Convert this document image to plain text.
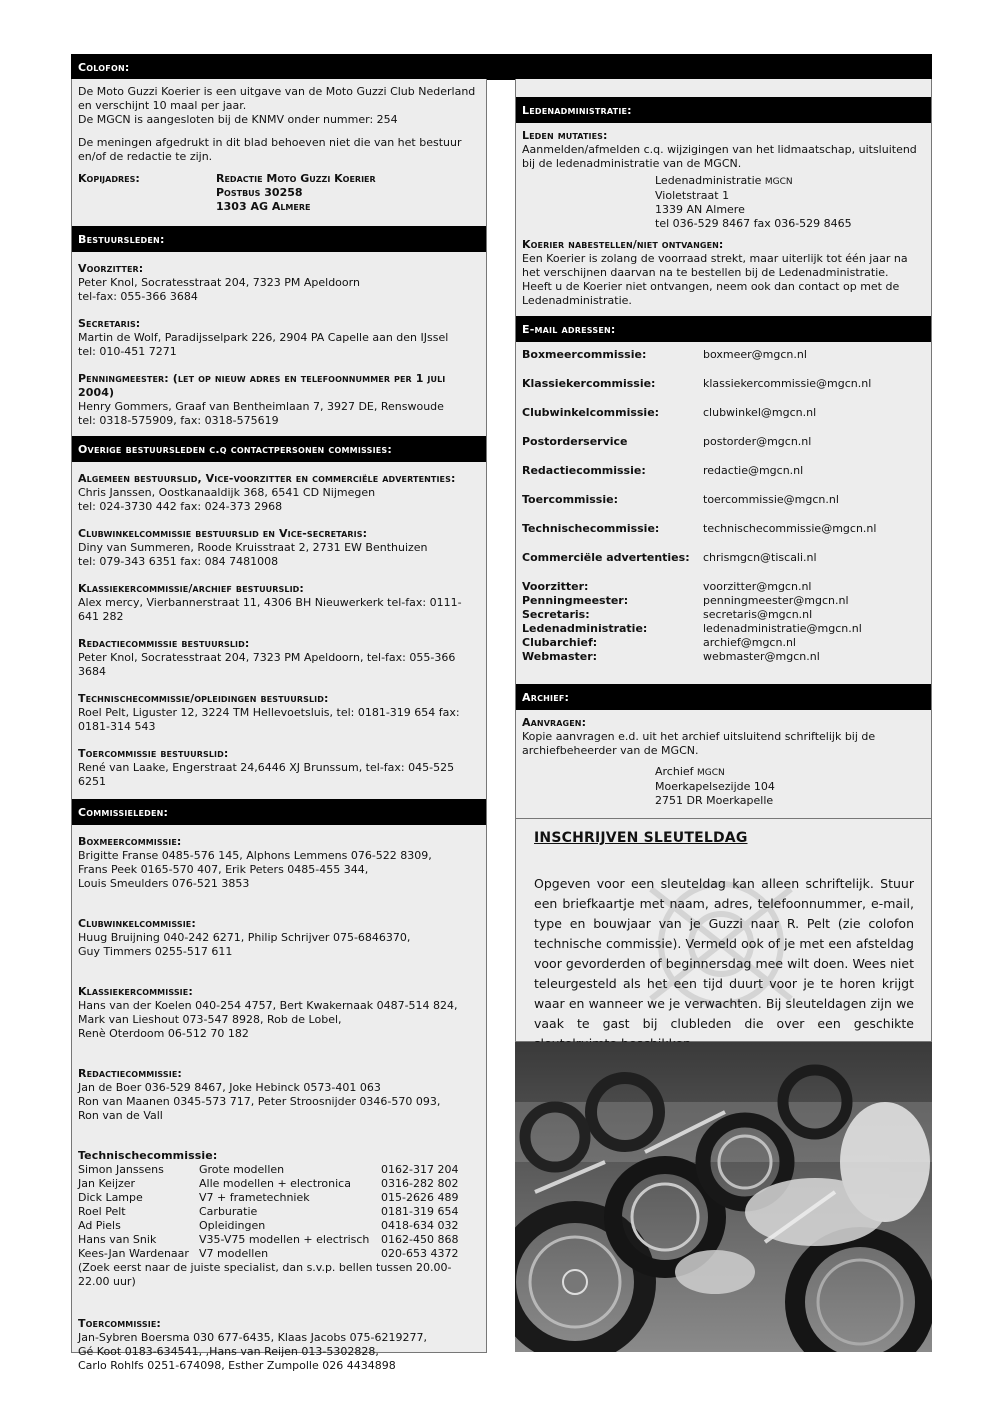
Colofon:

De Moto Guzzi Koerier is een uitgave van de Moto Guzzi Club Nederland en verschijnt 10 maal per jaar.

De MGCN is aangesloten bij de KNMV onder nummer: 254

De meningen afgedrukt in dit blad behoeven niet die van het bestuur en/of de redactie te zijn.

Kopijadres:	Redactie Moto Guzzi Koerier
Postbus 30258
1303 AG Almere
Bestuursleden:

Voorzitter:

Peter Knol, Socratesstraat 204, 7323 PM Apeldoorn

tel-fax: 055-366 3684

Secretaris:

Martin de Wolf, Paradijsselpark 226, 2904 PA Capelle aan den IJssel

tel: 010-451 7271

Penningmeester: (let op nieuw adres en telefoonnummer per 1 juli 2004)

Henry Gommers, Graaf van Bentheimlaan 7, 3927 DE, Renswoude

tel: 0318-575909, fax: 0318-575619

Overige bestuursleden c.q contactpersonen commissies:

Algemeen bestuurslid, Vice-voorzitter en commerciële advertenties:

Chris Janssen, Oostkanaaldijk 368, 6541 CD Nijmegen

tel: 024-3730 442 fax: 024-373 2968

Clubwinkelcommissie bestuurslid en Vice-secretaris:

Diny van Summeren, Roode Kruisstraat 2, 2731 EW Benthuizen

tel: 079-343 6351 fax: 084 7481008

Klassiekercommissie/archief bestuurslid:

Alex mercy, Vierbannerstraat 11, 4306 BH Nieuwerkerk tel-fax: 0111-641 282

Redactiecommissie bestuurslid:

Peter Knol, Socratesstraat 204, 7323 PM Apeldoorn, tel-fax: 055-366 3684

Technischecommissie/opleidingen bestuurslid:

Roel Pelt, Liguster 12, 3224 TM Hellevoetsluis, tel: 0181-319 654 fax: 0181-314 543

Toercommissie bestuurslid:

René van Laake, Engerstraat 24,6446 XJ Brunssum, tel-fax: 045-525 6251

Commissieleden:

Boxmeercommissie:

Brigitte Franse 0485-576 145, Alphons Lemmens 076-522 8309,

Frans Peek 0165-570 407, Erik Peters 0485-455 344,

Louis Smeulders 076-521 3853

Clubwinkelcommissie:

Huug Bruijning 040-242 6271, Philip Schrijver 075-6846370,

Guy Timmers 0255-517 611

Klassiekercommissie:

Hans van der Koelen 040-254 4757, Bert Kwakernaak 0487-514 824,

Mark van Lieshout 073-547 8928, Rob de Lobel,

Renè Oterdoom 06-512 70 182

Redactiecommissie:

Jan de Boer 036-529 8467, Joke Hebinck 0573-401 063

Ron van Maanen 0345-573 717, Peter Stroosnijder 0346-570 093,

Ron van de Vall

Technischecommissie:

Simon Janssens	Grote modellen	0162-317 204
Jan Keijzer	Alle modellen + electronica	0316-282 802
Dick Lampe	V7 + frametechniek	015-2626 489
Roel Pelt	Carburatie	0181-319 654
Ad Piels	Opleidingen	0418-634 032
Hans van Snik	V35-V75 modellen + electrisch	0162-450 868
Kees-Jan Wardenaar V7 modellen	020-653 4372

(Zoek eerst naar de juiste specialist, dan s.v.p. bellen tussen 20.00-22.00 uur)

Toercommissie:

Jan-Sybren Boersma 030 677-6435, Klaas Jacobs 075-6219277,

Gé Koot 0183-634541, ,Hans van Reijen 013-5302828,

Carlo Rohlfs 0251-674098, Esther Zumpolle 026 4434898

Ledenadministratie:

Leden mutaties:

Aanmelden/afmelden c.q. wijzigingen van het lidmaatschap, uitsluitend bij de ledenadministratie van de MGCN.

Ledenadministratie MGCN
Violetstraat 1
1339 AN Almere
tel 036-529 8467 fax 036-529 8465

Koerier nabestellen/niet ontvangen:

Een Koerier is zolang de voorraad strekt, maar uiterlijk tot één jaar na het verschijnen daarvan na te bestellen bij de Ledenadministratie.

Heeft u de Koerier niet ontvangen, neem ook dan contact op met de Ledenadministratie.

E-mail adressen:
Boxmeercommissie:	boxmeer@mgcn.nl
Klassiekercommissie:	klassiekercommissie@mgcn.nl
Clubwinkelcommissie:	clubwinkel@mgcn.nl
Postorderservice	postorder@mgcn.nl
Redactiecommissie:	redactie@mgcn.nl
Toercommissie:	toercommissie@mgcn.nl
Technischecommissie:	technischecommissie@mgcn.nl
Commerciële advertenties:	chrismgcn@tiscali.nl
Voorzitter:	voorzitter@mgcn.nl
Penningmeester:	penningmeester@mgcn.nl
Secretaris:	secretaris@mgcn.nl
Ledenadministratie:	ledenadministratie@mgcn.nl
Clubarchief:	archief@mgcn.nl
Webmaster:	webmaster@mgcn.nl
Archief:

Aanvragen:

Kopie aanvragen e.d. uit het archief uitsluitend schriftelijk bij de archiefbeheerder van de MGCN.

Archief MGCN
Moerkapelsezijde 104
2751 DR Moerkapelle
INSCHRIJVEN SLEUTELDAG
Opgeven voor een sleuteldag kan alleen schriftelijk. Stuur een briefkaartje met naam, adres, telefoonnummer, e-mail, type en bouwjaar van je Guzzi naar R. Pelt (zie colofon technische commissie). Vermeld ook of je met een afsteldag voor gevorderden of beginnersdag mee wilt doen. Wees niet teleurgesteld als het een tijd duurt voor je te horen krijgt waar en wanneer we je verwachten. Bij sleuteldagen zijn we vaak te gast bij clubleden die over een geschikte
